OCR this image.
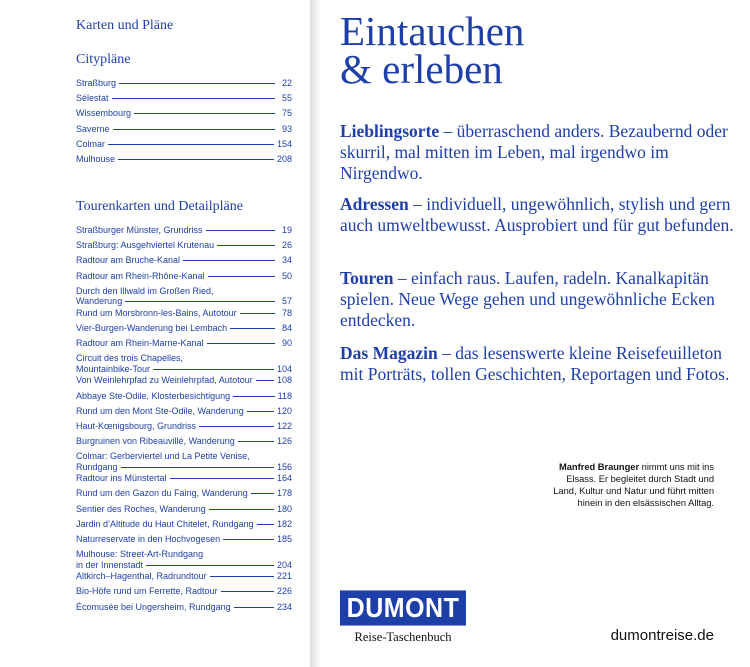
Karten und Pläne
Citypläne
Straßburg	22
Sélestat	55
Wissembourg	75
Saverne	93
Colmar	154
Mulhouse	208
Tourenkarten und Detailpläne
Straßburger Münster, Grundriss	19
Straßburg: Ausgehviertel Krutenau	26
Radtour am Bruche-Kanal	34
Radtour am Rhein-Rhône-Kanal	50
Durch den Illwald im Großen Ried,
Wanderung	57
Rund um Morsbronn-les-Bains, Autotour	78
Vier-Burgen-Wanderung bei Lembach	84
Radtour am Rhein-Marne-Kanal	90
Circuit des trois Chapelles,
Mountainbike-Tour	104
Von Weinlehrpfad zu Weinlehrpfad, Autotour	108
Abbaye Ste-Odile, Klosterbesichtigung	118
Rund um den Mont Ste-Odile, Wanderung	120
Haut-Kœnigsbourg, Grundriss	122
Burgruinen von Ribeauvillé, Wanderung	126
Colmar: Gerberviertel und La Petite Venise,
Rundgang	156
Radtour ins Münstertal	164
Rund um den Gazon du Faing, Wanderung	178
Sentier des Roches, Wanderung	180
Jardin d’Altitude du Haut Chitelet, Rundgang	182
Naturreservate in den Hochvogesen	185
Mulhouse: Street-Art-Rundgang
in der Innenstadt	204
Altkirch–Hagenthal, Radrundtour	221
Bio-Höfe rund um Ferrette, Radtour	226
Écomusée bei Ungersheim, Rundgang	234
Eintauchen
& erleben
Lieblingsorte – überraschend anders. Bezaubernd oder skurril, mal mitten im Leben, mal irgendwo im Nirgendwo.
Adressen – individuell, ungewöhnlich, stylish und gern auch umweltbewusst. Ausprobiert und für gut befunden.
Touren – einfach raus. Laufen, radeln. Kanalkapitän spielen. Neue Wege gehen und ungewöhnliche Ecken entdecken.
Das Magazin – das lesenswerte kleine Reisefeuilleton mit Porträts, tollen Geschichten, Reportagen und Fotos.
Manfred Braunger nimmt uns mit ins Elsass. Er begleitet durch Stadt und Land, Kultur und Natur und führt mitten hinein in den elsässischen Alltag.
DUMONT
Reise-Taschenbuch	dumontreise.de
